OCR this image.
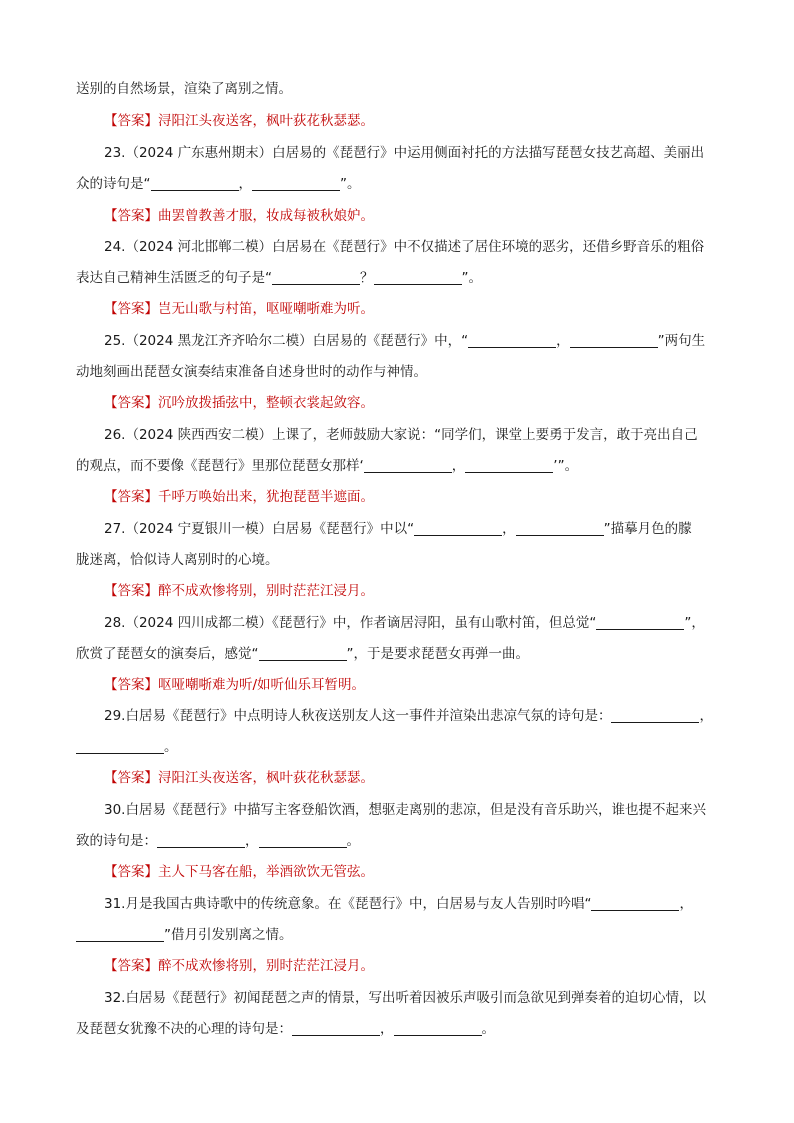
送别的自然场景，渲染了离别之情。
【答案】浔阳江头夜送客，枫叶荻花秋瑟瑟。
23.（2024 广东惠州期末）白居易的《琵琶行》中运用侧面衬托的方法描写琵琶女技艺高超、美丽出
众的诗句是“	，	”。
【答案】曲罢曾教善才服，妆成每被秋娘妒。
24.（2024 河北邯郸二模）白居易在《琵琶行》中不仅描述了居住环境的恶劣，还借乡野音乐的粗俗
表达自己精神生活匮乏的句子是“	？	”。
【答案】岂无山歌与村笛，呕哑嘲哳难为听。
25.（2024 黑龙江齐齐哈尔二模）白居易的《琵琶行》中，“	，	”两句生
动地刻画出琵琶女演奏结束准备自述身世时的动作与神情。
【答案】沉吟放拨插弦中，整顿衣裳起敛容。
26.（2024 陕西西安二模）上课了，老师鼓励大家说：“同学们，课堂上要勇于发言，敢于亮出自己
的观点，而不要像《琵琶行》里那位琵琶女那样‘	，	’”。
【答案】千呼万唤始出来，犹抱琵琶半遮面。
27.（2024 宁夏银川一模）白居易《琵琶行》中以“	，	”描摹月色的朦
胧迷离，恰似诗人离别时的心境。
【答案】醉不成欢惨将别，别时茫茫江浸月。
28.（2024 四川成都二模）《琵琶行》中，作者谪居浔阳，虽有山歌村笛，但总觉“	”，
欣赏了琵琶女的演奏后，感觉“	”，于是要求琵琶女再弹一曲。
【答案】呕哑嘲哳难为听/如听仙乐耳暂明。
29.白居易《琵琶行》中点明诗人秋夜送别友人这一事件并渲染出悲凉气氛的诗句是：	，
。
【答案】浔阳江头夜送客，枫叶荻花秋瑟瑟。
30.白居易《琵琶行》中描写主客登船饮酒，想驱走离别的悲凉，但是没有音乐助兴，谁也提不起来兴
致的诗句是：	，	。
【答案】主人下马客在船，举酒欲饮无管弦。
31.月是我国古典诗歌中的传统意象。在《琵琶行》中，白居易与友人告别时吟唱“	，
”借月引发别离之情。
【答案】醉不成欢惨将别，别时茫茫江浸月。
32.白居易《琵琶行》初闻琵琶之声的情景，写出听着因被乐声吸引而急欲见到弹奏着的迫切心情，以
及琵琶女犹豫不决的心理的诗句是：	，	。
